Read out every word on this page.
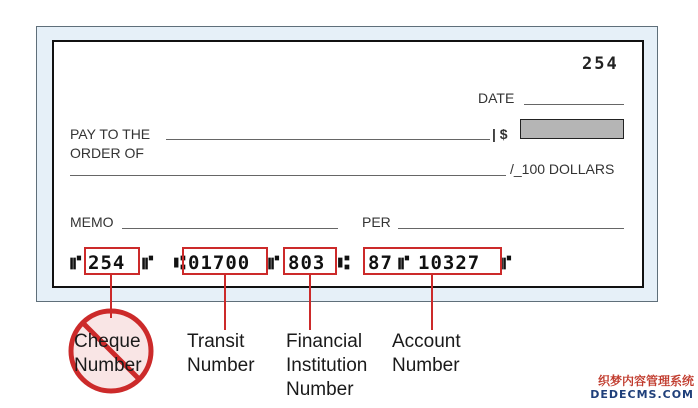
254
DATE
PAY TO THE
ORDER OF
| $
/_100 DOLLARS
MEMO	PER
⑈ 254 ⑈ ⑆ 01700 ⑈ 803 ⑆ 87 ⑈ 10327 ⑈
Cheque
Number
Transit
Number
Financial
Institution
Number
Account
Number
织梦内容管理系统
DEDECMS.COM
